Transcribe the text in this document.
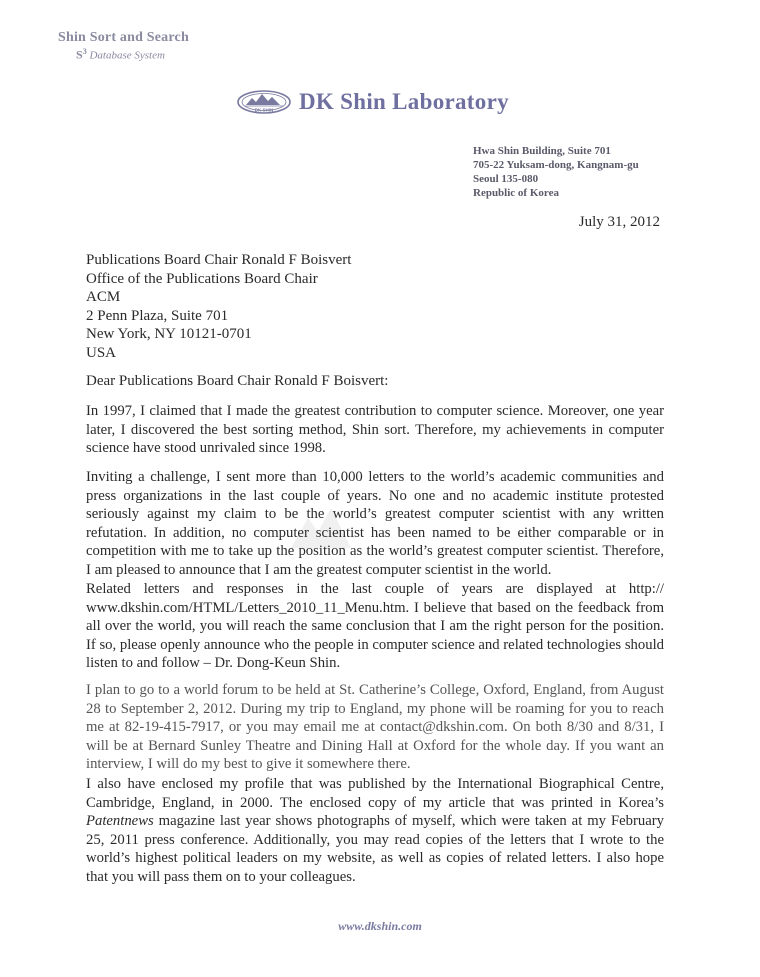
Shin Sort and Search
$S^3$ Database System
DK SHIN DK Shin Laboratory
Hwa Shin Building, Suite 701
705-22 Yuksam-dong, Kangnam-gu
Seoul 135-080
Republic of Korea
July 31, 2012
Publications Board Chair Ronald F Boisvert
Office of the Publications Board Chair
ACM
2 Penn Plaza, Suite 701
New York, NY 10121-0701
USA
Dear Publications Board Chair Ronald F Boisvert:
In 1997, I claimed that I made the greatest contribution to computer science. Moreover, one year later, I discovered the best sorting method, Shin sort. Therefore, my achievements in computer science have stood unrivaled since 1998.
Inviting a challenge, I sent more than 10,000 letters to the world’s academic communities and press organizations in the last couple of years. No one and no academic institute protested seriously against my claim to be the world’s greatest computer scientist with any written refutation. In addition, no computer scientist has been named to be either comparable or in competition with me to take up the position as the world’s greatest computer scientist. Therefore, I am pleased to announce that I am the greatest computer scientist in the world.
Related letters and responses in the last couple of years are displayed at http:// www.dkshin.com/HTML/Letters_2010_11_Menu.htm. I believe that based on the feedback from all over the world, you will reach the same conclusion that I am the right person for the position. If so, please openly announce who the people in computer science and related technologies should listen to and follow – Dr. Dong-Keun Shin.
I plan to go to a world forum to be held at St. Catherine’s College, Oxford, England, from August 28 to September 2, 2012. During my trip to England, my phone will be roaming for you to reach me at 82-19-415-7917, or you may email me at contact@dkshin.com. On both 8/30 and 8/31, I will be at Bernard Sunley Theatre and Dining Hall at Oxford for the whole day. If you want an interview, I will do my best to give it somewhere there.
I also have enclosed my profile that was published by the International Biographical Centre, Cambridge, England, in 2000. The enclosed copy of my article that was printed in Korea’s Patentnews magazine last year shows photographs of myself, which were taken at my February 25, 2011 press conference. Additionally, you may read copies of the letters that I wrote to the world’s highest political leaders on my website, as well as copies of related letters. I also hope that you will pass them on to your colleagues.
www.dkshin.com
